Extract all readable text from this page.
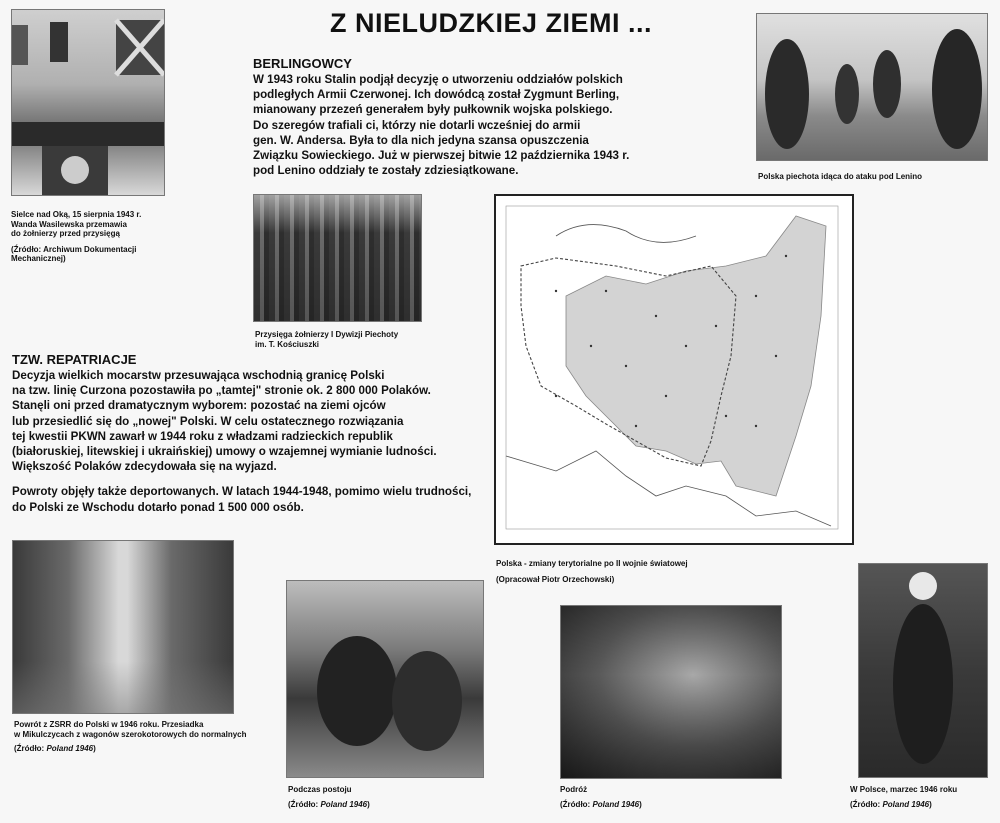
Z NIELUDZKIEJ ZIEMI ...
BERLINGOWCY

W 1943 roku Stalin podjął decyzję o utworzeniu oddziałów polskich

podległych Armii Czerwonej. Ich dowódcą został Zygmunt Berling,

mianowany przezeń generałem były pułkownik wojska polskiego.

Do szeregów trafiali ci, którzy nie dotarli wcześniej do armii

gen. W. Andersa. Była to dla nich jedyna szansa opuszczenia

Związku Sowieckiego. Już w pierwszej bitwie 12 października 1943 r.

pod Lenino oddziały te zostały zdziesiątkowane.

Sielce nad Oką, 15 sierpnia 1943 r.
Wanda Wasilewska przemawia
do żołnierzy przed przysięgą
(Źródło: Archiwum Dokumentacji
Mechanicznej)
Przysięga żołnierzy I Dywizji Piechoty
im. T. Kościuszki
Polska piechota idąca do ataku pod Lenino
Polska - zmiany terytorialne po II wojnie światowej
(Opracował Piotr Orzechowski)
TZW. REPATRIACJE

Decyzja wielkich mocarstw przesuwająca wschodnią granicę Polski

na tzw. linię Curzona pozostawiła po „tamtej" stronie ok. 2 800 000 Polaków.

Stanęli oni przed dramatycznym wyborem: pozostać na ziemi ojców

lub przesiedlić się do „nowej" Polski. W celu ostatecznego rozwiązania

tej kwestii PKWN zawarł w 1944 roku z władzami radzieckich republik

(białoruskiej, litewskiej i ukraińskiej) umowy o wzajemnej wymianie ludności.

Większość Polaków zdecydowała się na wyjazd.

Powroty objęły także deportowanych. W latach 1944-1948, pomimo wielu trudności,

do Polski ze Wschodu dotarło ponad 1 500 000 osób.

Powrót z ZSRR do Polski w 1946 roku. Przesiadka
w Mikulczycach z wagonów szerokotorowych do normalnych
(Źródło: Poland 1946)
Podczas postoju
(Źródło: Poland 1946)
Podróż
(Źródło: Poland 1946)
W Polsce, marzec 1946 roku
(Źródło: Poland 1946)
